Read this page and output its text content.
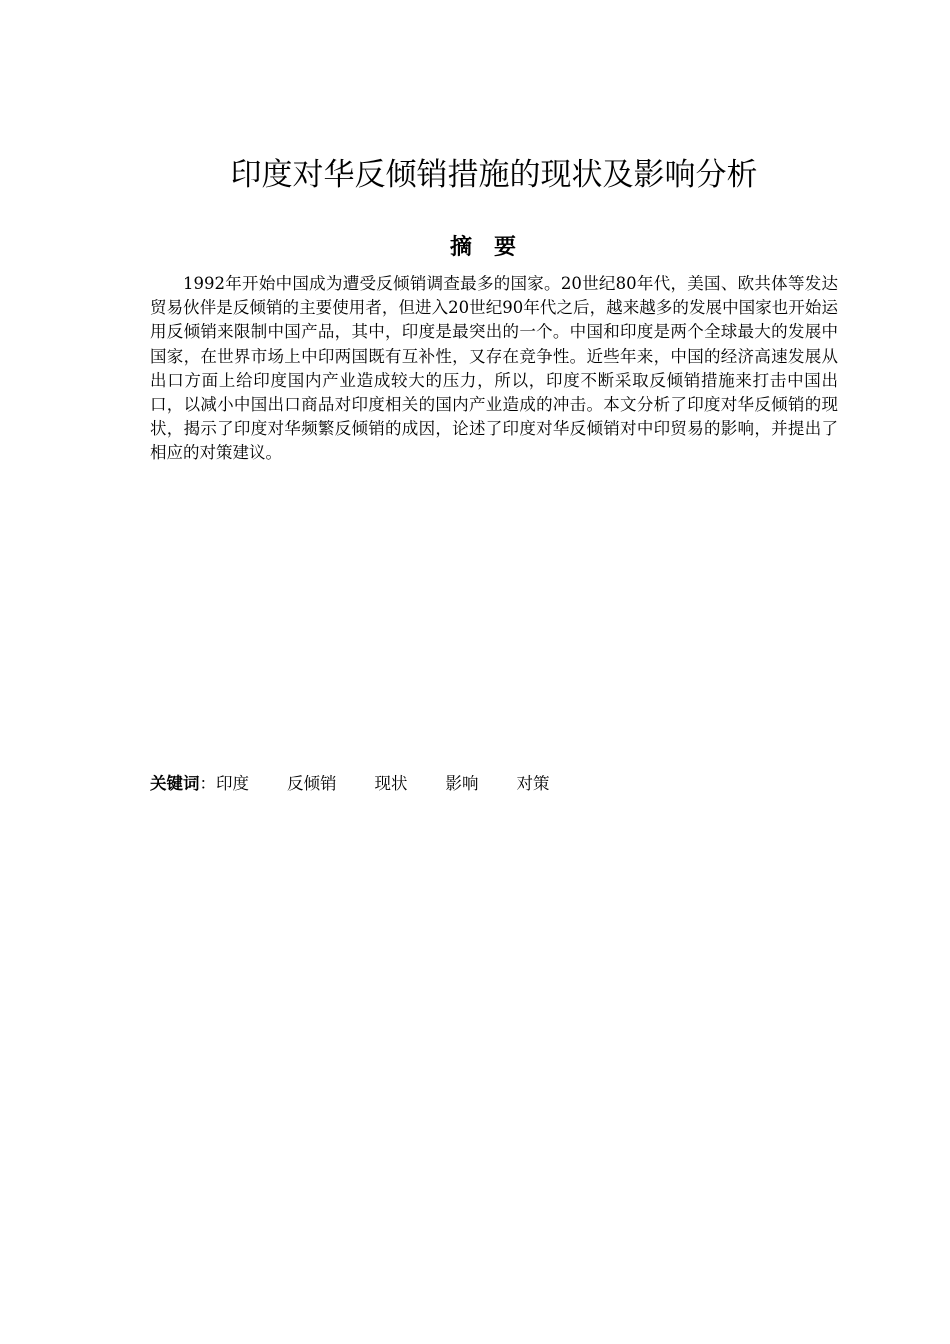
印度对华反倾销措施的现状及影响分析
摘要

1992年开始中国成为遭受反倾销调查最多的国家。20世纪80年代，美国、欧共体等发达贸易伙伴是反倾销的主要使用者，但进入20世纪90年代之后，越来越多的发展中国家也开始运用反倾销来限制中国产品，其中，印度是最突出的一个。中国和印度是两个全球最大的发展中国家，在世界市场上中印两国既有互补性，又存在竞争性。近些年来，中国的经济高速发展从出口方面上给印度国内产业造成较大的压力，所以，印度不断采取反倾销措施来打击中国出口，以减小中国出口商品对印度相关的国内产业造成的冲击。本文分析了印度对华反倾销的现状，揭示了印度对华频繁反倾销的成因，论述了印度对华反倾销对中印贸易的影响，并提出了相应的对策建议。

关键词：印度 反倾销 现状 影响 对策
